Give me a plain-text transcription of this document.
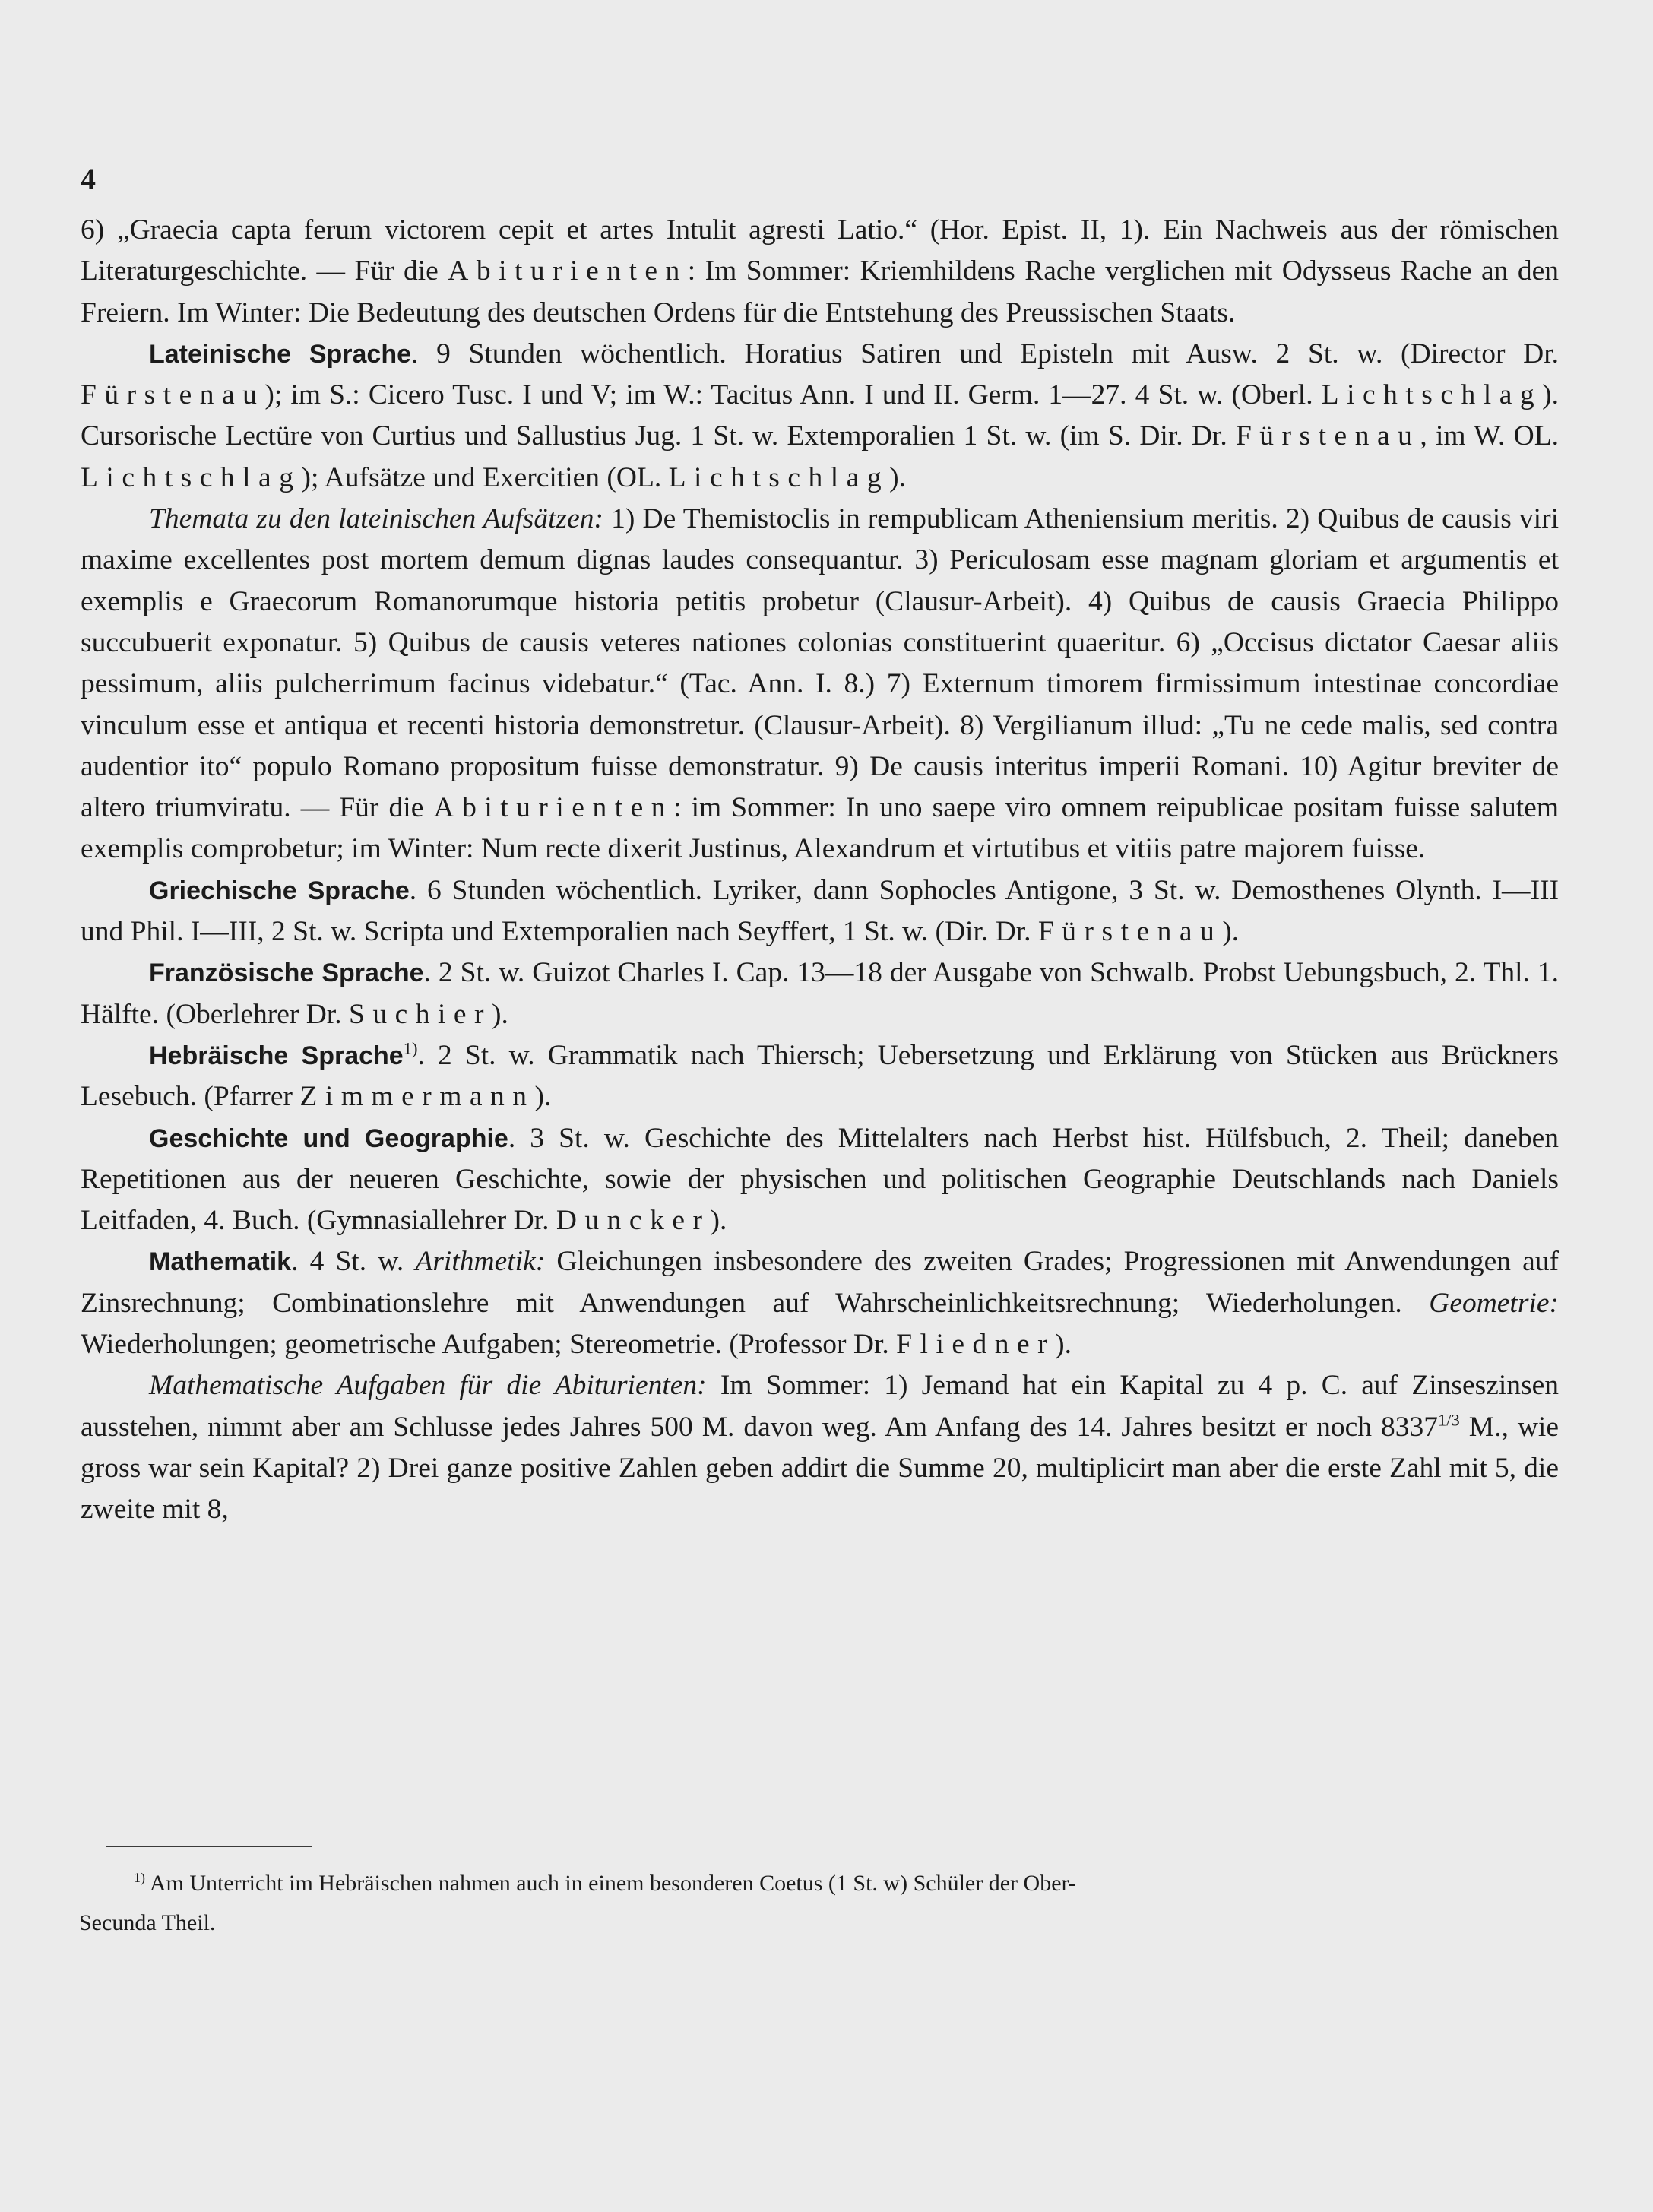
4

6) „Graecia capta ferum victorem cepit et artes Intulit agresti Latio.“ (Hor. Epist. II, 1). Ein Nachweis aus der römischen Literaturgeschichte. — Für die Abiturienten: Im Sommer: Kriemhildens Rache verglichen mit Odysseus Rache an den Freiern. Im Winter: Die Bedeutung des deutschen Ordens für die Entstehung des Preussischen Staats.

Lateinische Sprache. 9 Stunden wöchentlich. Horatius Satiren und Episteln mit Ausw. 2 St. w. (Director Dr. Fürstenau); im S.: Cicero Tusc. I und V; im W.: Tacitus Ann. I und II. Germ. 1—27. 4 St. w. (Oberl. Lichtschlag). Cursorische Lectüre von Curtius und Sallustius Jug. 1 St. w. Extemporalien 1 St. w. (im S. Dir. Dr. Fürstenau, im W. OL. Lichtschlag); Aufsätze und Exercitien (OL. Lichtschlag).

Themata zu den lateinischen Aufsätzen: 1) De Themistoclis in rempublicam Atheniensium meritis. 2) Quibus de causis viri maxime excellentes post mortem demum dignas laudes consequantur. 3) Periculosam esse magnam gloriam et argumentis et exemplis e Graecorum Romanorumque historia petitis probetur (Clausur-Arbeit). 4) Quibus de causis Graecia Philippo succubuerit exponatur. 5) Quibus de causis veteres nationes colonias constituerint quaeritur. 6) „Occisus dictator Caesar aliis pessimum, aliis pulcherrimum facinus videbatur.“ (Tac. Ann. I. 8.) 7) Externum timorem firmissimum intestinae concordiae vinculum esse et antiqua et recenti historia demonstretur. (Clausur-Arbeit). 8) Vergilianum illud: „Tu ne cede malis, sed contra audentior ito“ populo Romano propositum fuisse demonstratur. 9) De causis interitus imperii Romani. 10) Agitur breviter de altero triumviratu. — Für die Abiturienten: im Sommer: In uno saepe viro omnem reipublicae positam fuisse salutem exemplis comprobetur; im Winter: Num recte dixerit Justinus, Alexandrum et virtutibus et vitiis patre majorem fuisse.

Griechische Sprache. 6 Stunden wöchentlich. Lyriker, dann Sophocles Antigone, 3 St. w. Demosthenes Olynth. I—III und Phil. I—III, 2 St. w. Scripta und Extemporalien nach Seyffert, 1 St. w. (Dir. Dr. Fürstenau).

Französische Sprache. 2 St. w. Guizot Charles I. Cap. 13—18 der Ausgabe von Schwalb. Probst Uebungsbuch, 2. Thl. 1. Hälfte. (Oberlehrer Dr. Suchier).

Hebräische Sprache$^{1)}$. 2 St. w. Grammatik nach Thiersch; Uebersetzung und Erklärung von Stücken aus Brückners Lesebuch. (Pfarrer Zimmermann).

Geschichte und Geographie. 3 St. w. Geschichte des Mittelalters nach Herbst hist. Hülfsbuch, 2. Theil; daneben Repetitionen aus der neueren Geschichte, sowie der physischen und politischen Geographie Deutschlands nach Daniels Leitfaden, 4. Buch. (Gymnasiallehrer Dr. Duncker).

Mathematik. 4 St. w. Arithmetik: Gleichungen insbesondere des zweiten Grades; Progressionen mit Anwendungen auf Zinsrechnung; Combinationslehre mit Anwendungen auf Wahrscheinlichkeitsrechnung; Wiederholungen. Geometrie: Wiederholungen; geometrische Aufgaben; Stereometrie. (Professor Dr. Fliedner).

Mathematische Aufgaben für die Abiturienten: Im Sommer: 1) Jemand hat ein Kapital zu 4 p. C. auf Zinseszinsen ausstehen, nimmt aber am Schlusse jedes Jahres 500 M. davon weg. Am Anfang des 14. Jahres besitzt er noch $8337^{1/3}$ M., wie gross war sein Kapital? 2) Drei ganze positive Zahlen geben addirt die Summe 20, multiplicirt man aber die erste Zahl mit 5, die zweite mit 8,

$^{1)}$ Am Unterricht im Hebräischen nahmen auch in einem besonderen Coetus (1 St. w) Schüler der Ober-
Secunda Theil.
